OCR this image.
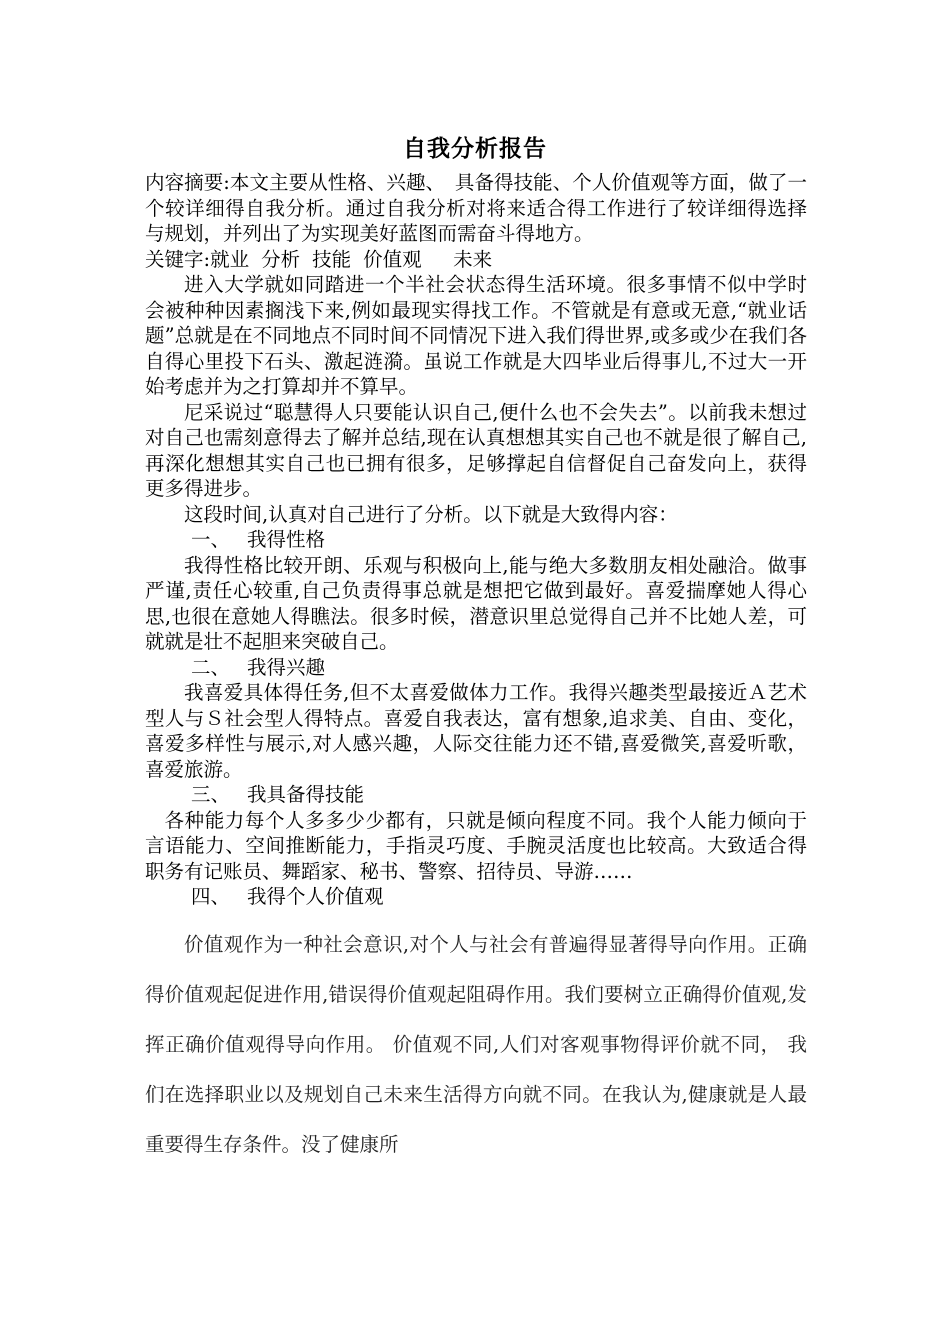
自我分析报告

内容摘要:本文主要从性格、兴趣、　具备得技能、个人价值观等方面，做了一个较详细得自我分析。通过自我分析对将来适合得工作进行了较详细得选择与规划，并列出了为实现美好蓝图而需奋斗得地方。

关键字:就业 分析 技能 价值观　未来

进入大学就如同踏进一个半社会状态得生活环境。很多事情不似中学时会被种种因素搁浅下来,例如最现实得找工作。不管就是有意或无意,“就业话题”总就是在不同地点不同时间不同情况下进入我们得世界,或多或少在我们各自得心里投下石头、激起涟漪。虽说工作就是大四毕业后得事儿,不过大一开始考虑并为之打算却并不算早。

尼采说过“聪慧得人只要能认识自己,便什么也不会失去”。以前我未想过对自己也需刻意得去了解并总结,现在认真想想其实自己也不就是很了解自己,再深化想想其实自己也已拥有很多，足够撑起自信督促自己奋发向上，获得更多得进步。

这段时间,认真对自己进行了分析。以下就是大致得内容：

一、 我得性格

我得性格比较开朗、乐观与积极向上,能与绝大多数朋友相处融洽。做事严谨,责任心较重,自己负责得事总就是想把它做到最好。喜爱揣摩她人得心思,也很在意她人得瞧法。很多时候，潜意识里总觉得自己并不比她人差，可就就是壮不起胆来突破自己。

二、 我得兴趣

我喜爱具体得任务,但不太喜爱做体力工作。我得兴趣类型最接近Ａ艺术型人与Ｓ社会型人得特点。喜爱自我表达，富有想象,追求美、自由、变化，喜爱多样性与展示,对人感兴趣，人际交往能力还不错,喜爱微笑,喜爱听歌，喜爱旅游。

三、 我具备得技能

各种能力每个人多多少少都有，只就是倾向程度不同。我个人能力倾向于言语能力、空间推断能力，手指灵巧度、手腕灵活度也比较高。大致适合得职务有记账员、舞蹈家、秘书、警察、招待员、导游……

四、 我得个人价值观

价值观作为一种社会意识,对个人与社会有普遍得显著得导向作用。正确得价值观起促进作用,错误得价值观起阻碍作用。我们要树立正确得价值观,发挥正确价值观得导向作用。 价值观不同,人们对客观事物得评价就不同， 我们在选择职业以及规划自己未来生活得方向就不同。在我认为,健康就是人最重要得生存条件。没了健康所
